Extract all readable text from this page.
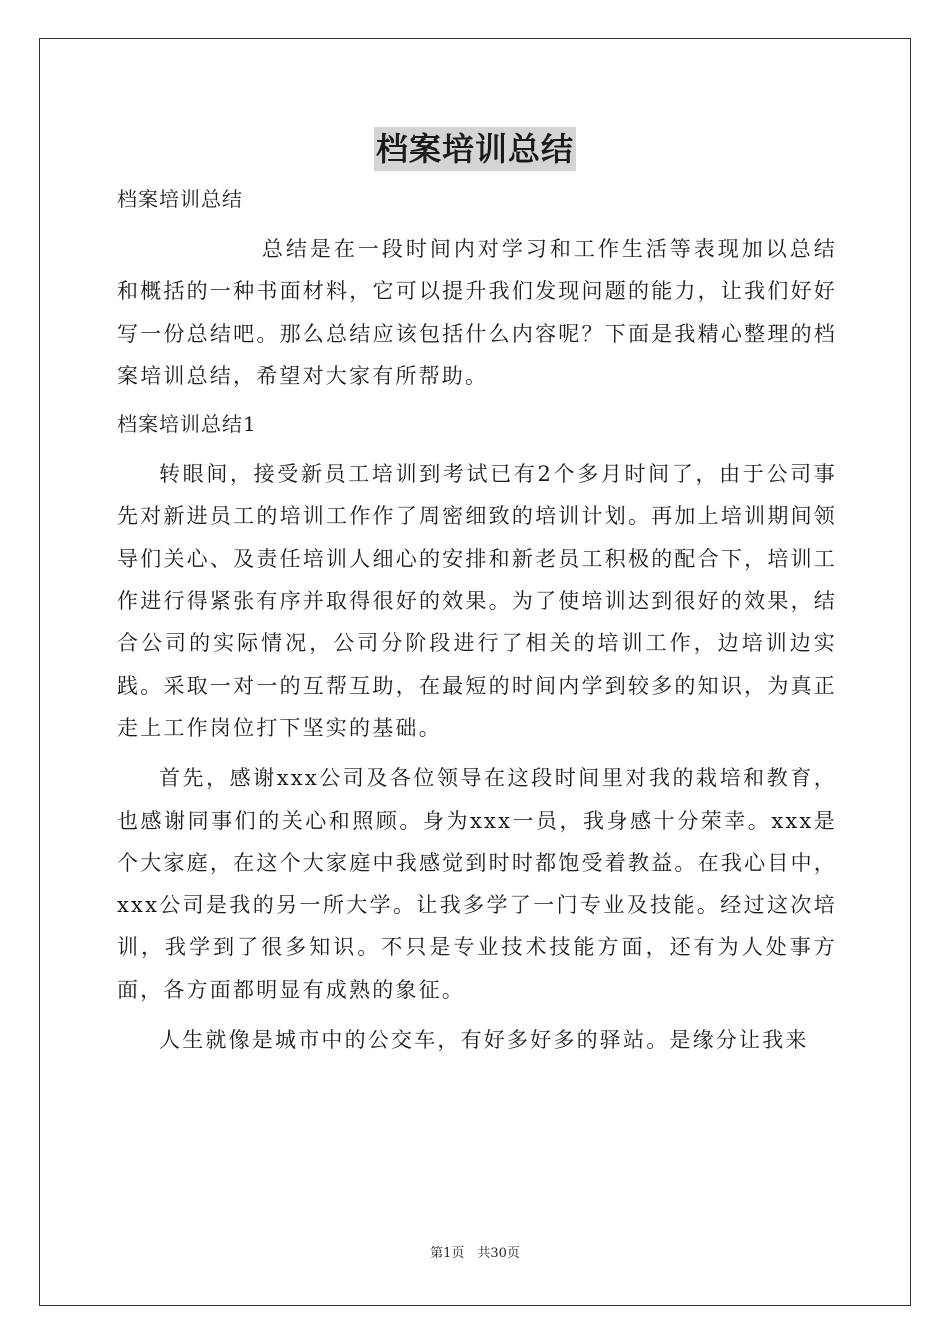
档案培训总结

档案培训总结

总结是在一段时间内对学习和工作生活等表现加以总结和概括的一种书面材料，它可以提升我们发现问题的能力，让我们好好写一份总结吧。那么总结应该包括什么内容呢？下面是我精心整理的档案培训总结，希望对大家有所帮助。

档案培训总结1

转眼间，接受新员工培训到考试已有2个多月时间了，由于公司事先对新进员工的培训工作作了周密细致的培训计划。再加上培训期间领导们关心、及责任培训人细心的安排和新老员工积极的配合下，培训工作进行得紧张有序并取得很好的效果。为了使培训达到很好的效果，结合公司的实际情况，公司分阶段进行了相关的培训工作，边培训边实践。采取一对一的互帮互助，在最短的时间内学到较多的知识，为真正走上工作岗位打下坚实的基础。

首先，感谢xxx公司及各位领导在这段时间里对我的栽培和教育，也感谢同事们的关心和照顾。身为xxx一员，我身感十分荣幸。xxx是个大家庭，在这个大家庭中我感觉到时时都饱受着教益。在我心目中，xxx公司是我的另一所大学。让我多学了一门专业及技能。经过这次培训，我学到了很多知识。不只是专业技术技能方面，还有为人处事方面，各方面都明显有成熟的象征。

人生就像是城市中的公交车，有好多好多的驿站。是缘分让我来

第1页　共30页
